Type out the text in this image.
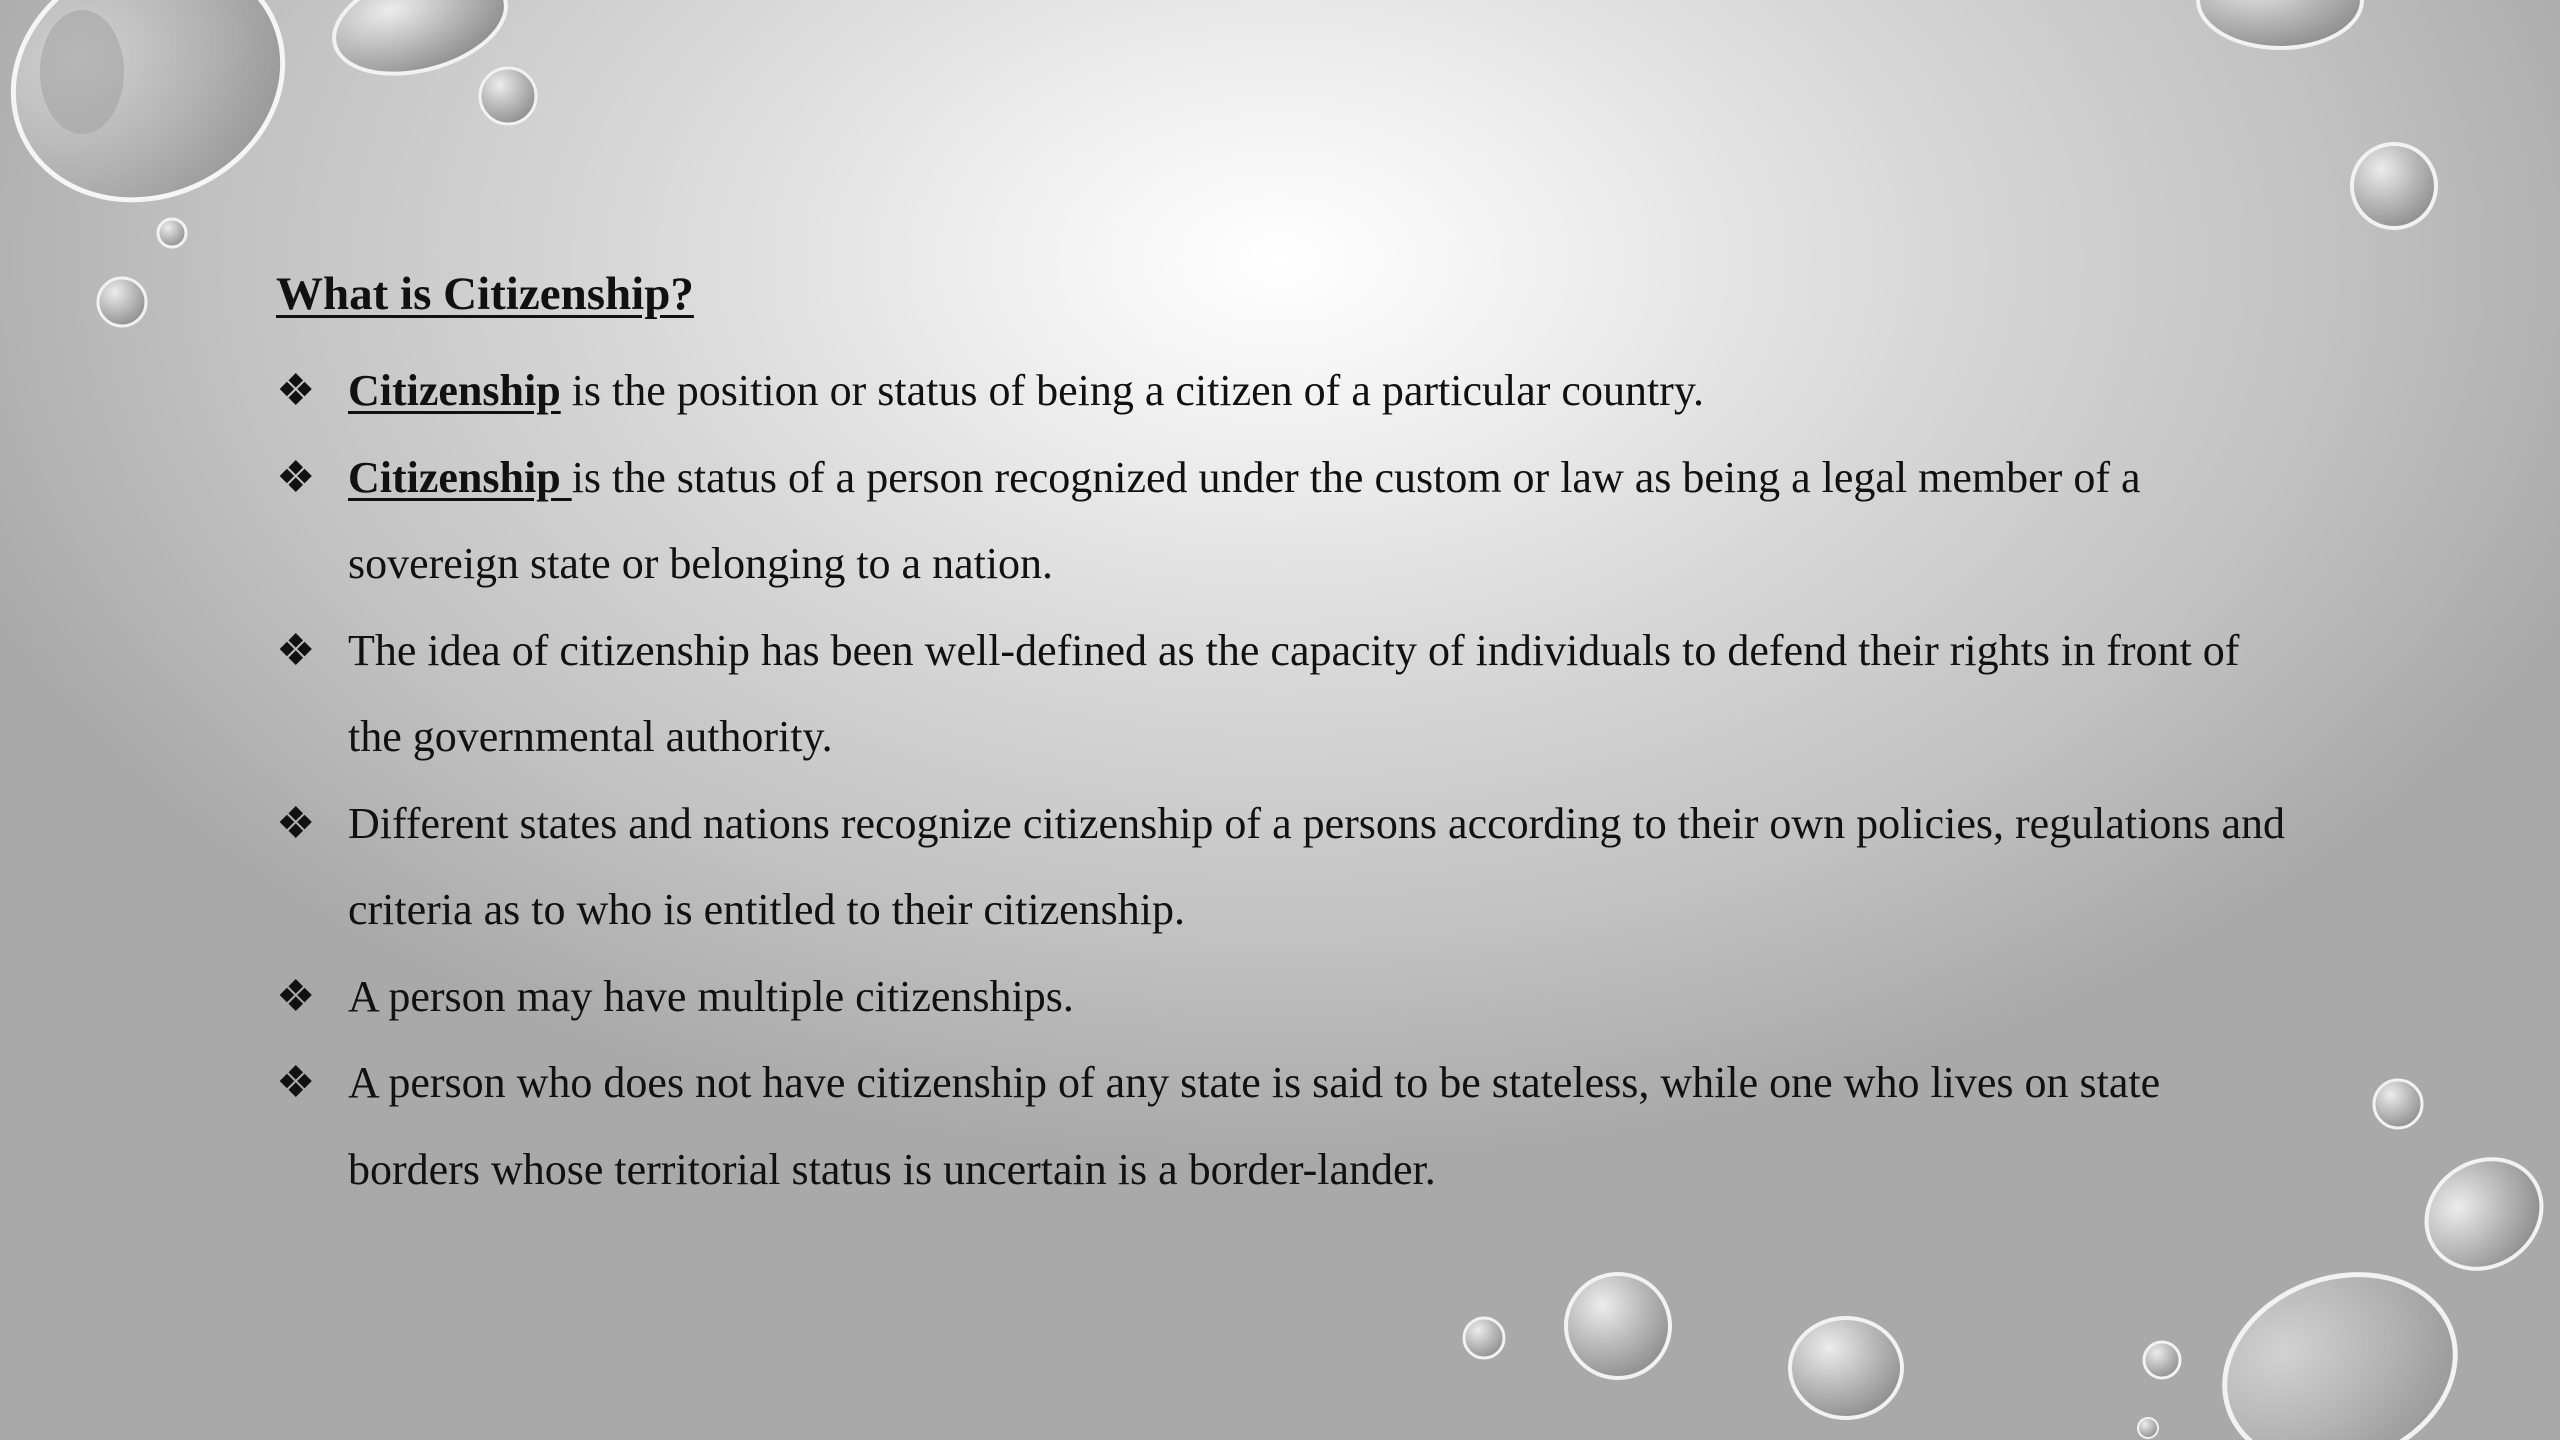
What is Citizenship?
❖ Citizenship is the position or status of being a citizen of a particular country.
❖ Citizenship is the status of a person recognized under the custom or law as being a legal member of a sovereign state or belonging to a nation.
❖ The idea of citizenship has been well-defined as the capacity of individuals to defend their rights in front of the governmental authority.
❖ Different states and nations recognize citizenship of a persons according to their own policies, regulations and criteria as to who is entitled to their citizenship.
❖ A person may have multiple citizenships.
❖ A person who does not have citizenship of any state is said to be stateless, while one who lives on state borders whose territorial status is uncertain is a border-lander.
